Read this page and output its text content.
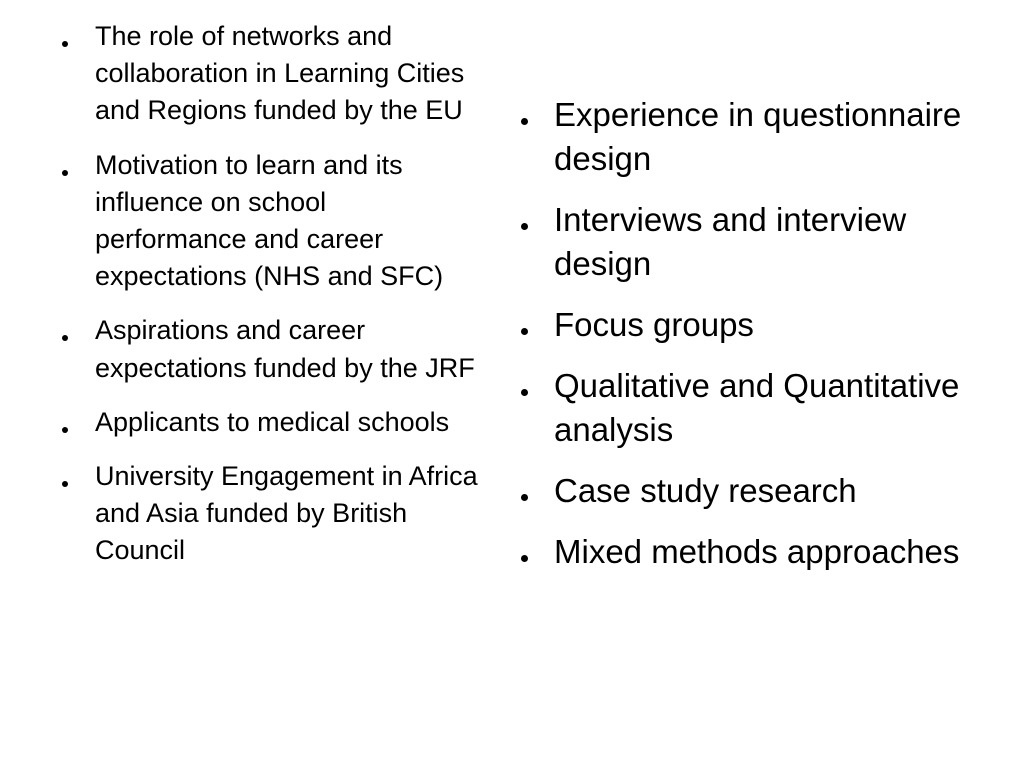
The role of networks and collaboration in Learning Cities and Regions funded by the EU
Motivation to learn and its influence on school performance and career expectations (NHS and SFC)
Aspirations and career expectations funded by the JRF
Applicants to medical schools
University Engagement in Africa and Asia funded by British Council
Experience in questionnaire design
Interviews and interview design
Focus groups
Qualitative and Quantitative analysis
Case study research
Mixed methods approaches
